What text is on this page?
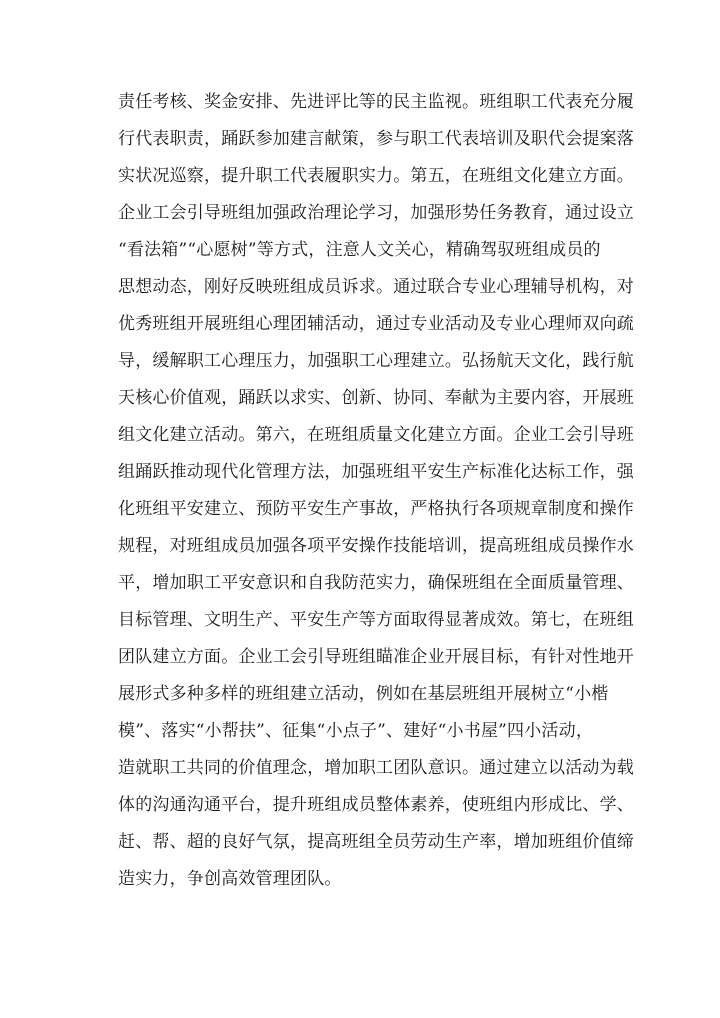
责任考核、奖金安排、先进评比等的民主监视。班组职工代表充分履
行代表职责，踊跃参加建言献策，参与职工代表培训及职代会提案落
实状况巡察，提升职工代表履职实力。第五，在班组文化建立方面。
企业工会引导班组加强政治理论学习，加强形势任务教育，通过设立
“看法箱”“心愿树”等方式，注意人文关心，精确驾驭班组成员的
思想动态，刚好反映班组成员诉求。通过联合专业心理辅导机构，对
优秀班组开展班组心理团辅活动，通过专业活动及专业心理师双向疏
导，缓解职工心理压力，加强职工心理建立。弘扬航天文化，践行航
天核心价值观，踊跃以求实、创新、协同、奉献为主要内容，开展班
组文化建立活动。第六，在班组质量文化建立方面。企业工会引导班
组踊跃推动现代化管理方法，加强班组平安生产标准化达标工作，强
化班组平安建立、预防平安生产事故，严格执行各项规章制度和操作
规程，对班组成员加强各项平安操作技能培训，提高班组成员操作水
平，增加职工平安意识和自我防范实力，确保班组在全面质量管理、
目标管理、文明生产、平安生产等方面取得显著成效。第七，在班组
团队建立方面。企业工会引导班组瞄准企业开展目标，有针对性地开
展形式多种多样的班组建立活动，例如在基层班组开展树立“小楷
模”、落实“小帮扶”、征集“小点子”、建好“小书屋”四小活动，
造就职工共同的价值理念，增加职工团队意识。通过建立以活动为载
体的沟通沟通平台，提升班组成员整体素养，使班组内形成比、学、
赶、帮、超的良好气氛，提高班组全员劳动生产率，增加班组价值缔
造实力，争创高效管理团队。
